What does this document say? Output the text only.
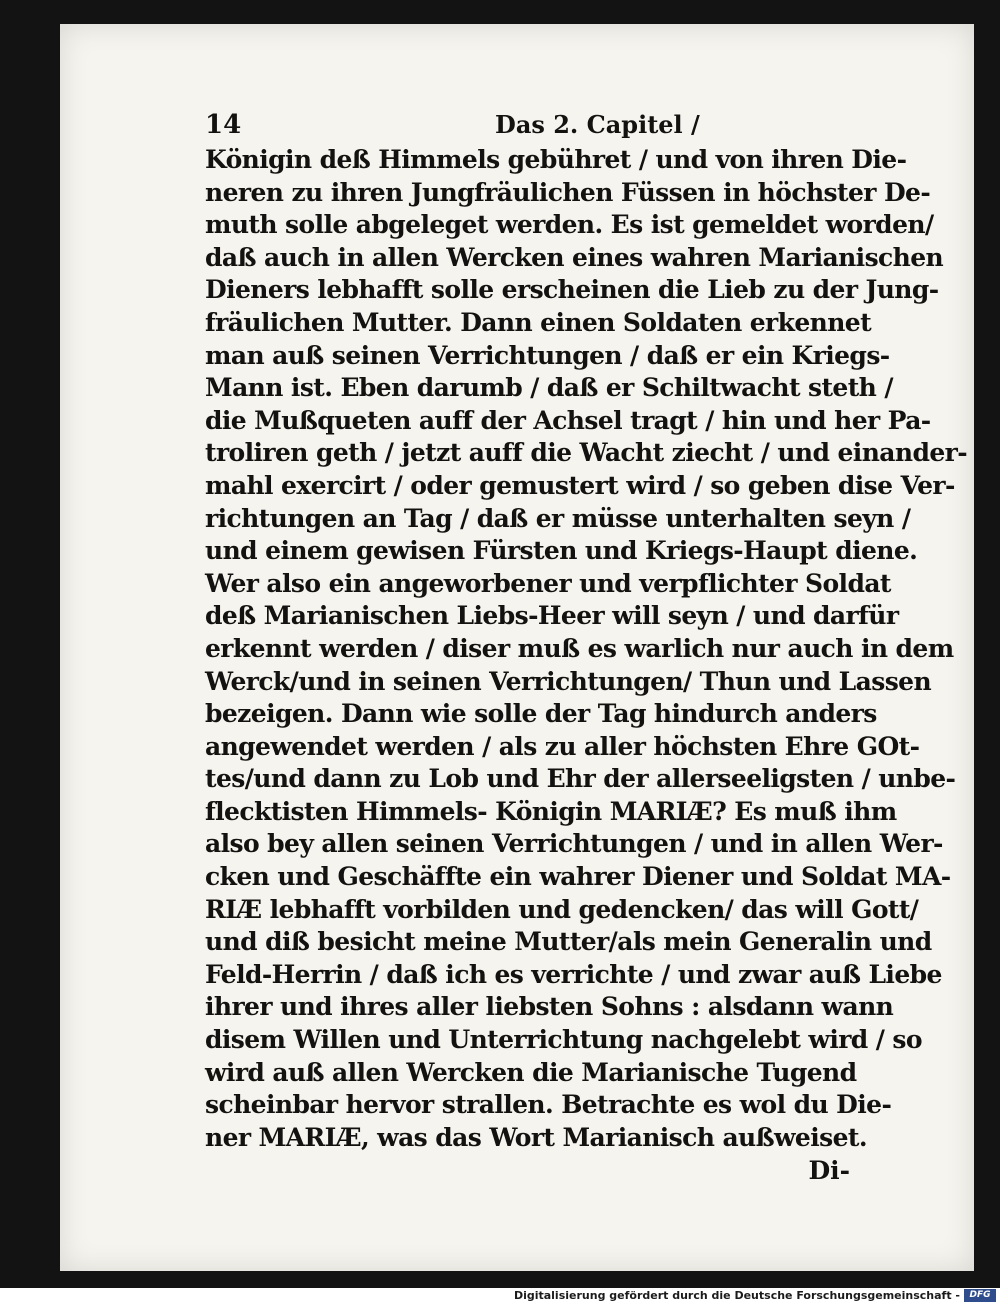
14	Das 2. Capitel /
Königin deß Himmels gebühret / und von ihren Die-
neren zu ihren Jungfräulichen Füssen in höchster De-
muth solle abgeleget werden. Es ist gemeldet worden/
daß auch in allen Wercken eines wahren Marianischen
Dieners lebhafft solle erscheinen die Lieb zu der Jung-
fräulichen Mutter. Dann einen Soldaten erkennet
man auß seinen Verrichtungen / daß er ein Kriegs-
Mann ist. Eben darumb / daß er Schiltwacht steth /
die Mußqueten auff der Achsel tragt / hin und her Pa-
troliren geth / jetzt auff die Wacht ziecht / und einander-
mahl exercirt / oder gemustert wird / so geben dise Ver-
richtungen an Tag / daß er müsse unterhalten seyn /
und einem gewisen Fürsten und Kriegs-Haupt diene.
Wer also ein angeworbener und verpflichter Soldat
deß Marianischen Liebs-Heer will seyn / und darfür
erkennt werden / diser muß es warlich nur auch in dem
Werck/und in seinen Verrichtungen/ Thun und Lassen
bezeigen. Dann wie solle der Tag hindurch anders
angewendet werden / als zu aller höchsten Ehre GOt-
tes/und dann zu Lob und Ehr der allerseeligsten / unbe-
flecktisten Himmels- Königin MARIÆ? Es muß ihm
also bey allen seinen Verrichtungen / und in allen Wer-
cken und Geschäffte ein wahrer Diener und Soldat MA-
RIÆ lebhafft vorbilden und gedencken/ das will Gott/
und diß besicht meine Mutter/als mein Generalin und
Feld-Herrin / daß ich es verrichte / und zwar auß Liebe
ihrer und ihres aller liebsten Sohns : alsdann wann
disem Willen und Unterrichtung nachgelebt wird / so
wird auß allen Wercken die Marianische Tugend
scheinbar hervor strallen. Betrachte es wol du Die-
ner MARIÆ, was das Wort Marianisch außweiset.
Di-
Digitalisierung gefördert durch die Deutsche Forschungsgemeinschaft -	DFG
